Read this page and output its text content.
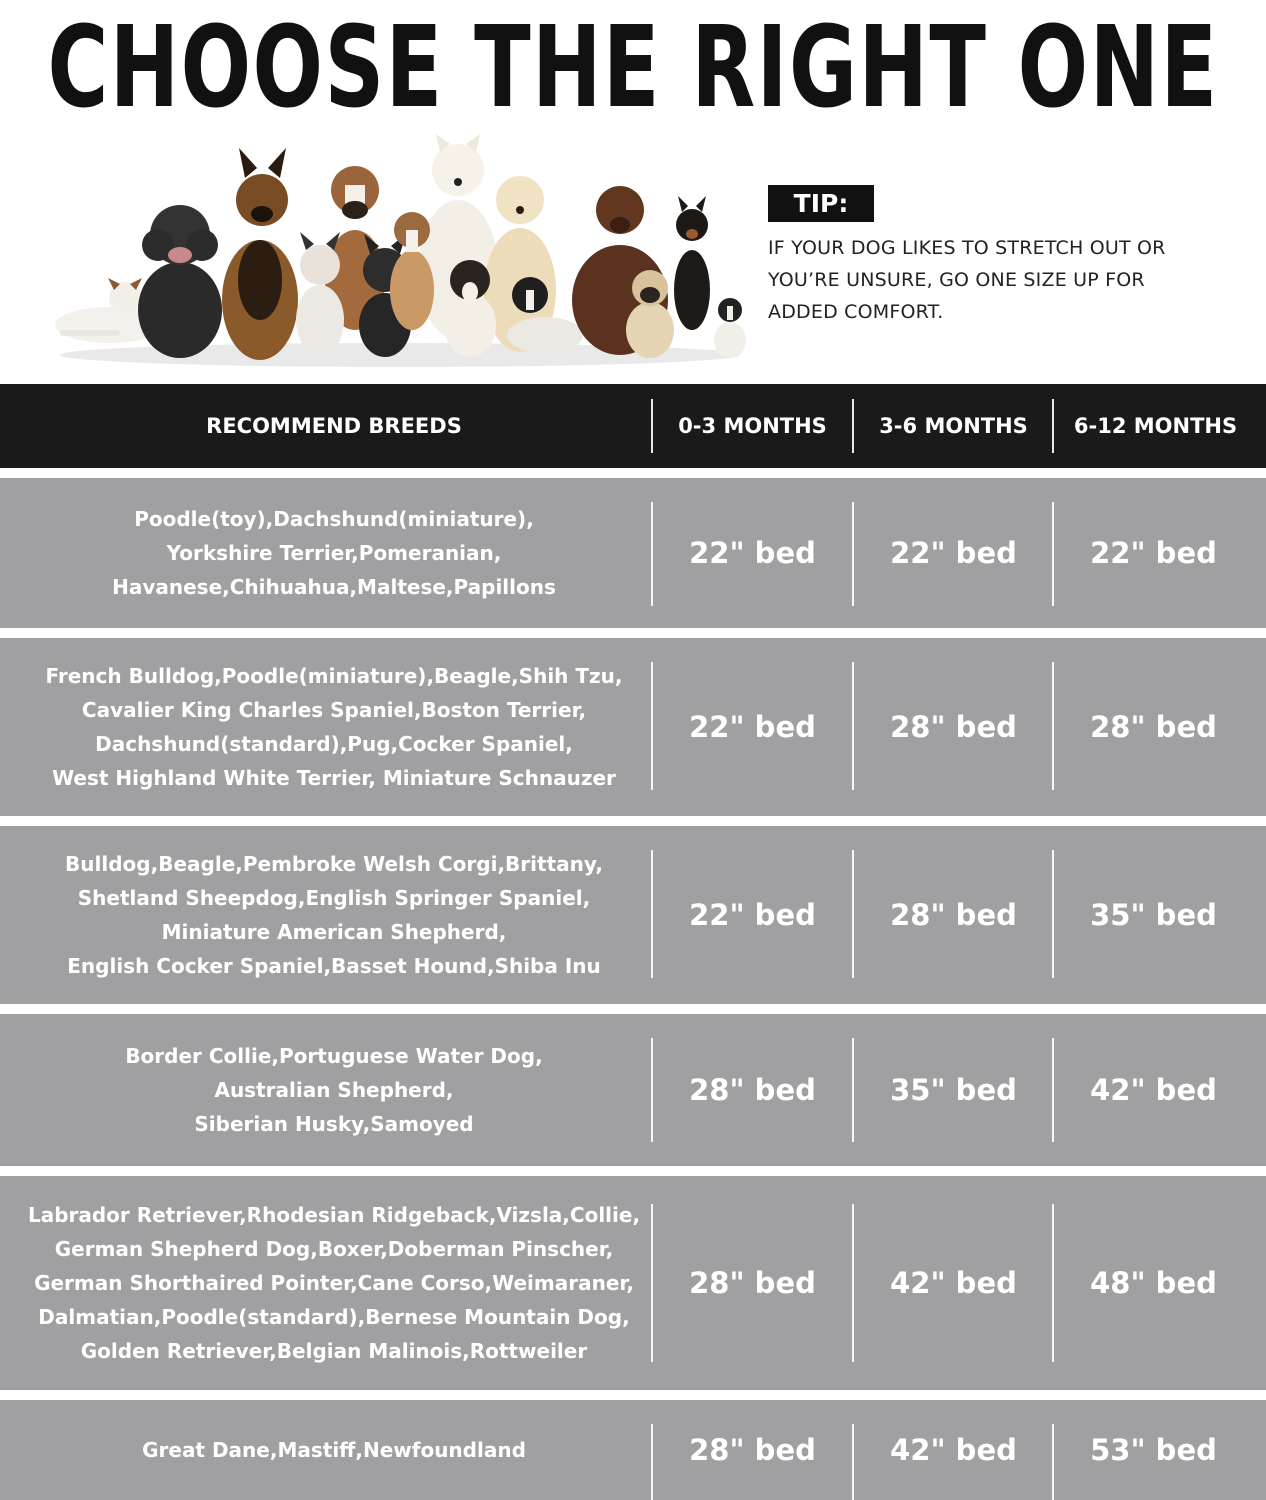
CHOOSE THE RIGHT ONE
TIP:
IF YOUR DOG LIKES TO STRETCH OUT OR
YOU’RE UNSURE, GO ONE SIZE UP FOR
ADDED COMFORT.
RECOMMEND BREEDS	0-3 MONTHS	3-6 MONTHS	6-12 MONTHS
Poodle(toy),Dachshund(miniature),
Yorkshire Terrier,Pomeranian,
Havanese,Chihuahua,Maltese,Papillons
22" bed	22" bed	22" bed
French Bulldog,Poodle(miniature),Beagle,Shih Tzu,
Cavalier King Charles Spaniel,Boston Terrier,
Dachshund(standard),Pug,Cocker Spaniel,
West Highland White Terrier, Miniature Schnauzer
22" bed	28" bed	28" bed
Bulldog,Beagle,Pembroke Welsh Corgi,Brittany,
Shetland Sheepdog,English Springer Spaniel,
Miniature American Shepherd,
English Cocker Spaniel,Basset Hound,Shiba Inu
22" bed	28" bed	35" bed
Border Collie,Portuguese Water Dog,
Australian Shepherd,
Siberian Husky,Samoyed
28" bed	35" bed	42" bed
Labrador Retriever,Rhodesian Ridgeback,Vizsla,Collie,
German Shepherd Dog,Boxer,Doberman Pinscher,
German Shorthaired Pointer,Cane Corso,Weimaraner,
Dalmatian,Poodle(standard),Bernese Mountain Dog,
Golden Retriever,Belgian Malinois,Rottweiler
28" bed	42" bed	48" bed
Great Dane,Mastiff,Newfoundland	28" bed	42" bed	53" bed
